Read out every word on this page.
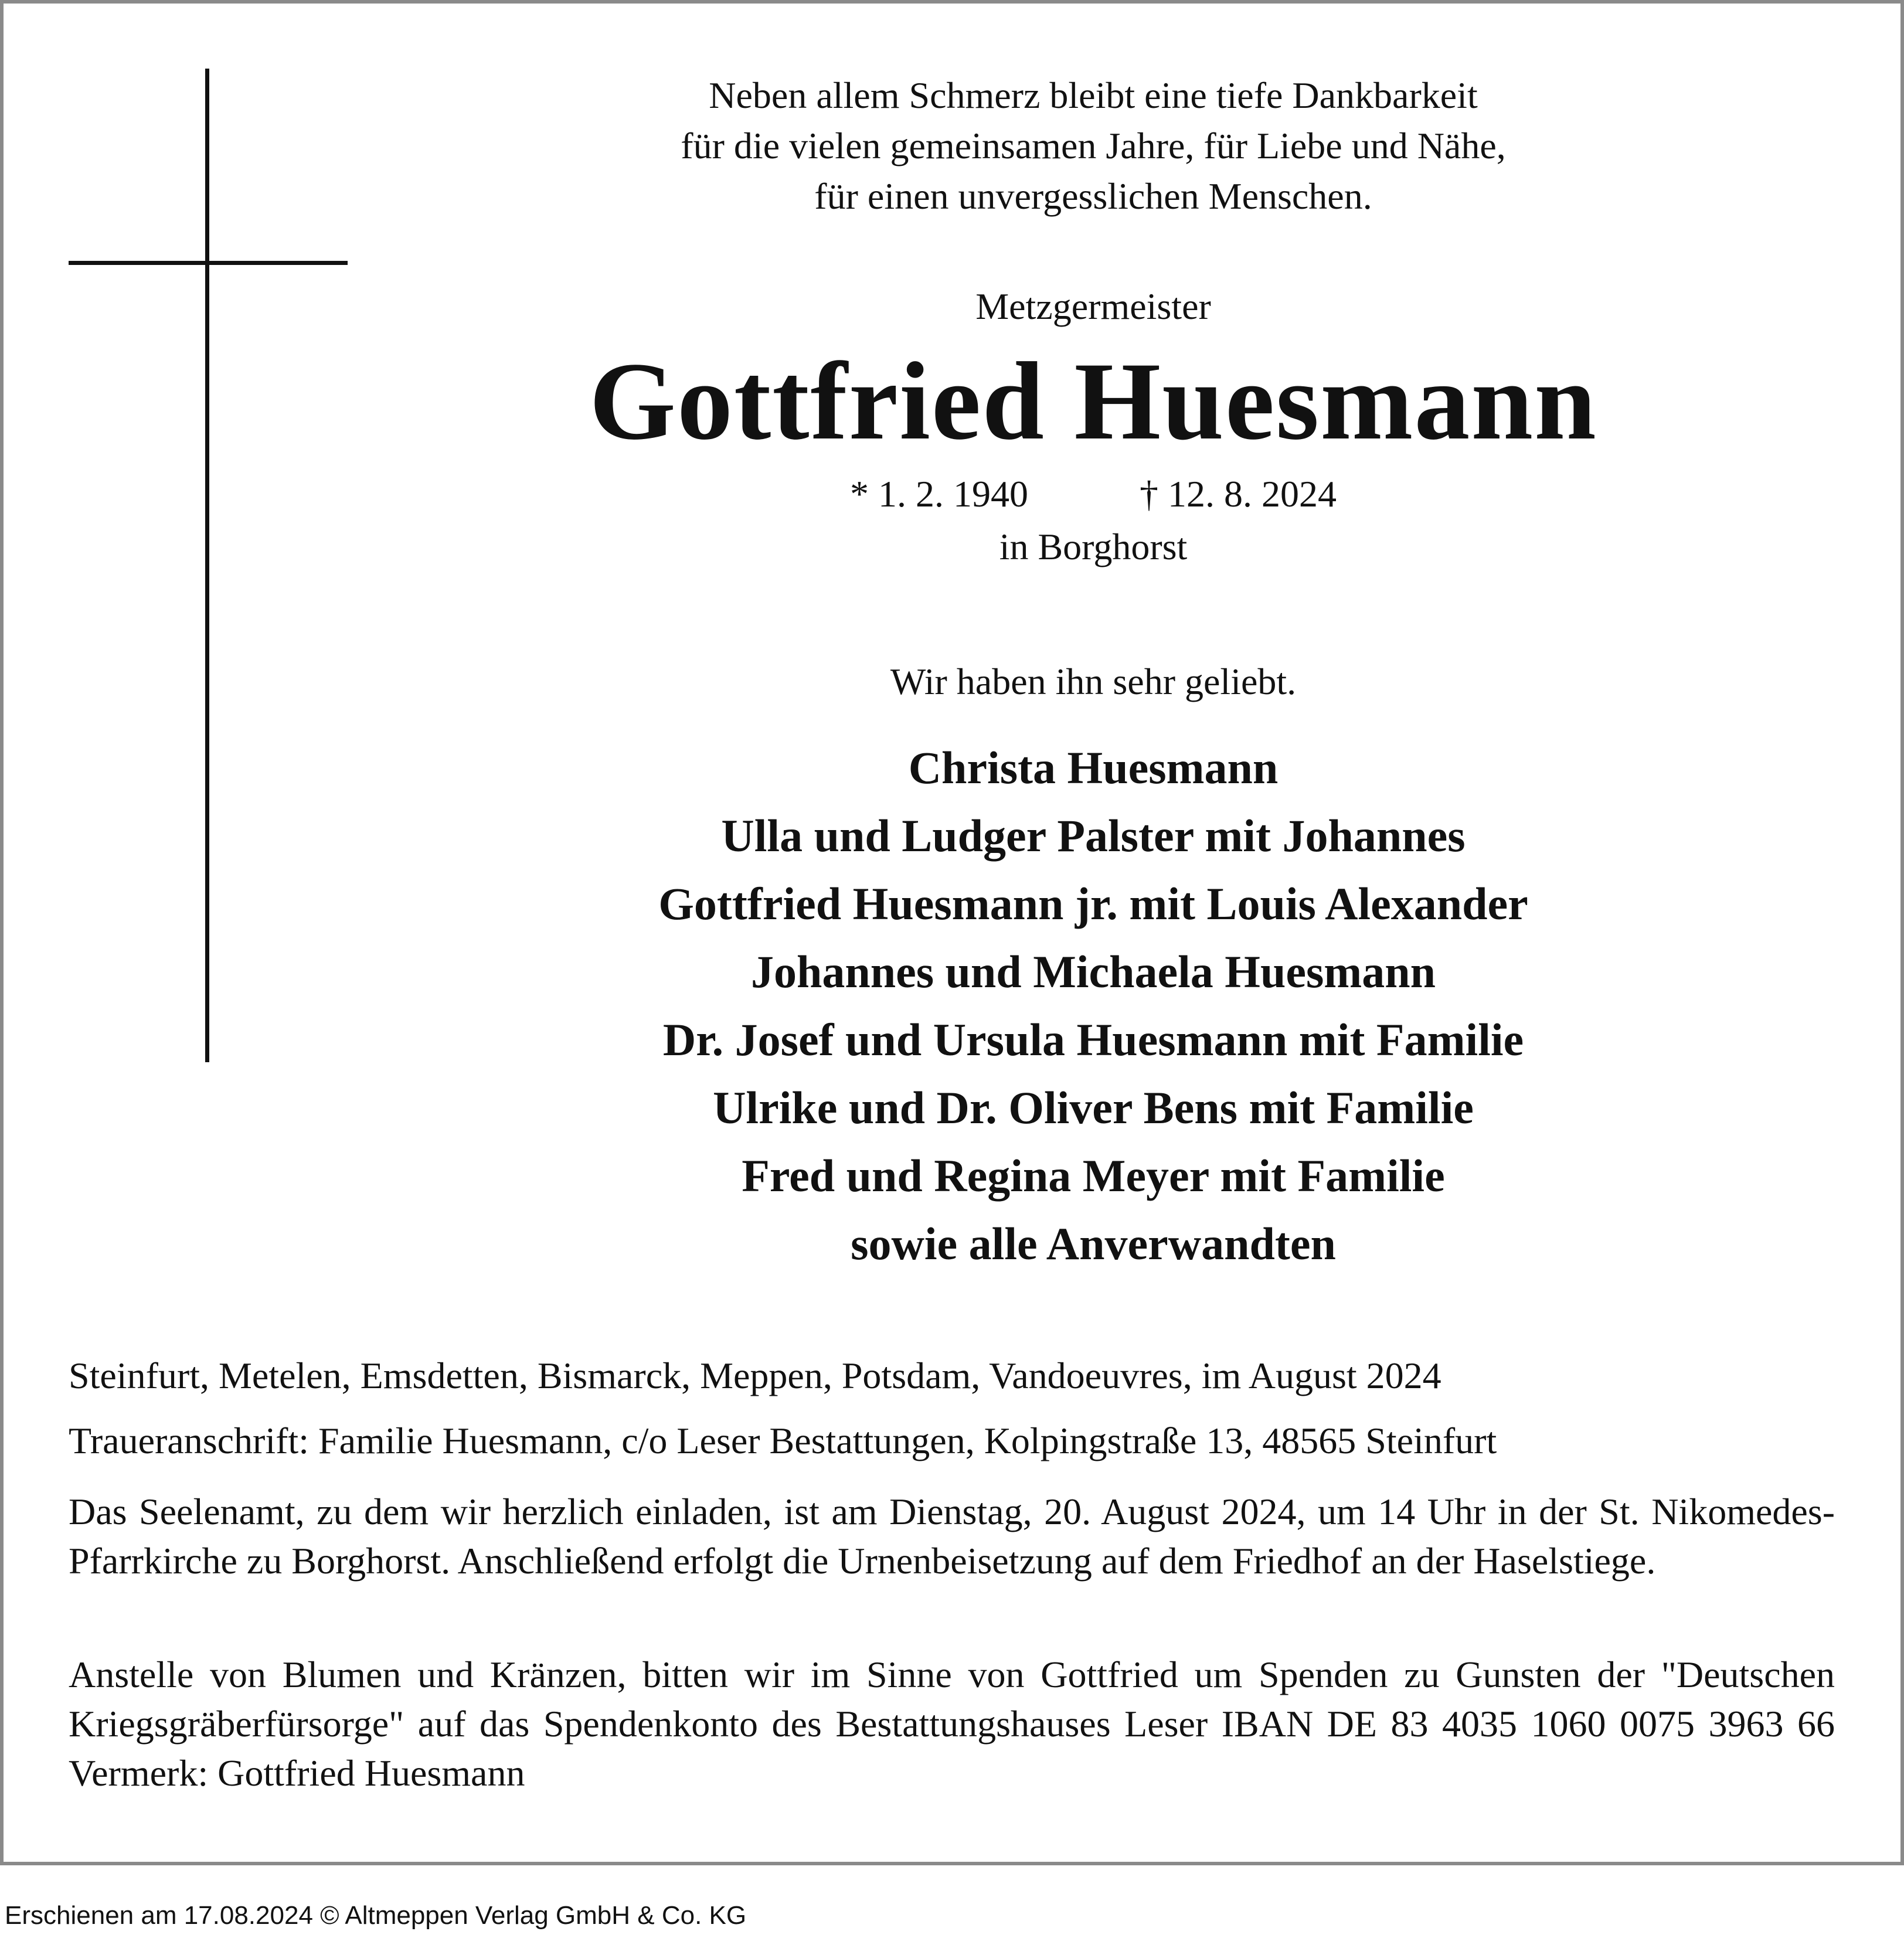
Neben allem Schmerz bleibt eine tiefe Dankbarkeit
für die vielen gemeinsamen Jahre, für Liebe und Nähe,
für einen unvergesslichen Menschen.
Metzgermeister
Gottfried Huesmann
* 1. 2. 1940	† 12. 8. 2024
in Borghorst
Wir haben ihn sehr geliebt.
Christa Huesmann
Ulla und Ludger Palster mit Johannes
Gottfried Huesmann jr. mit Louis Alexander
Johannes und Michaela Huesmann
Dr. Josef und Ursula Huesmann mit Familie
Ulrike und Dr. Oliver Bens mit Familie
Fred und Regina Meyer mit Familie
sowie alle Anverwandten
Steinfurt, Metelen, Emsdetten, Bismarck, Meppen, Potsdam, Vandoeuvres, im August 2024
Traueranschrift: Familie Huesmann, c/o Leser Bestattungen, Kolpingstraße 13, 48565 Steinfurt
Das Seelenamt, zu dem wir herzlich einladen, ist am Dienstag, 20. August 2024, um 14 Uhr in der St. Nikomedes-Pfarrkirche zu Borghorst. Anschließend erfolgt die Urnenbeisetzung auf dem Friedhof an der Haselstiege.
Anstelle von Blumen und Kränzen, bitten wir im Sinne von Gottfried um Spenden zu Gunsten der "Deutschen Kriegsgräberfürsorge" auf das Spendenkonto des Bestattungshauses Leser IBAN DE 83 4035 1060 0075 3963 66 Vermerk: Gottfried Huesmann
Erschienen am 17.08.2024 © Altmeppen Verlag GmbH & Co. KG
